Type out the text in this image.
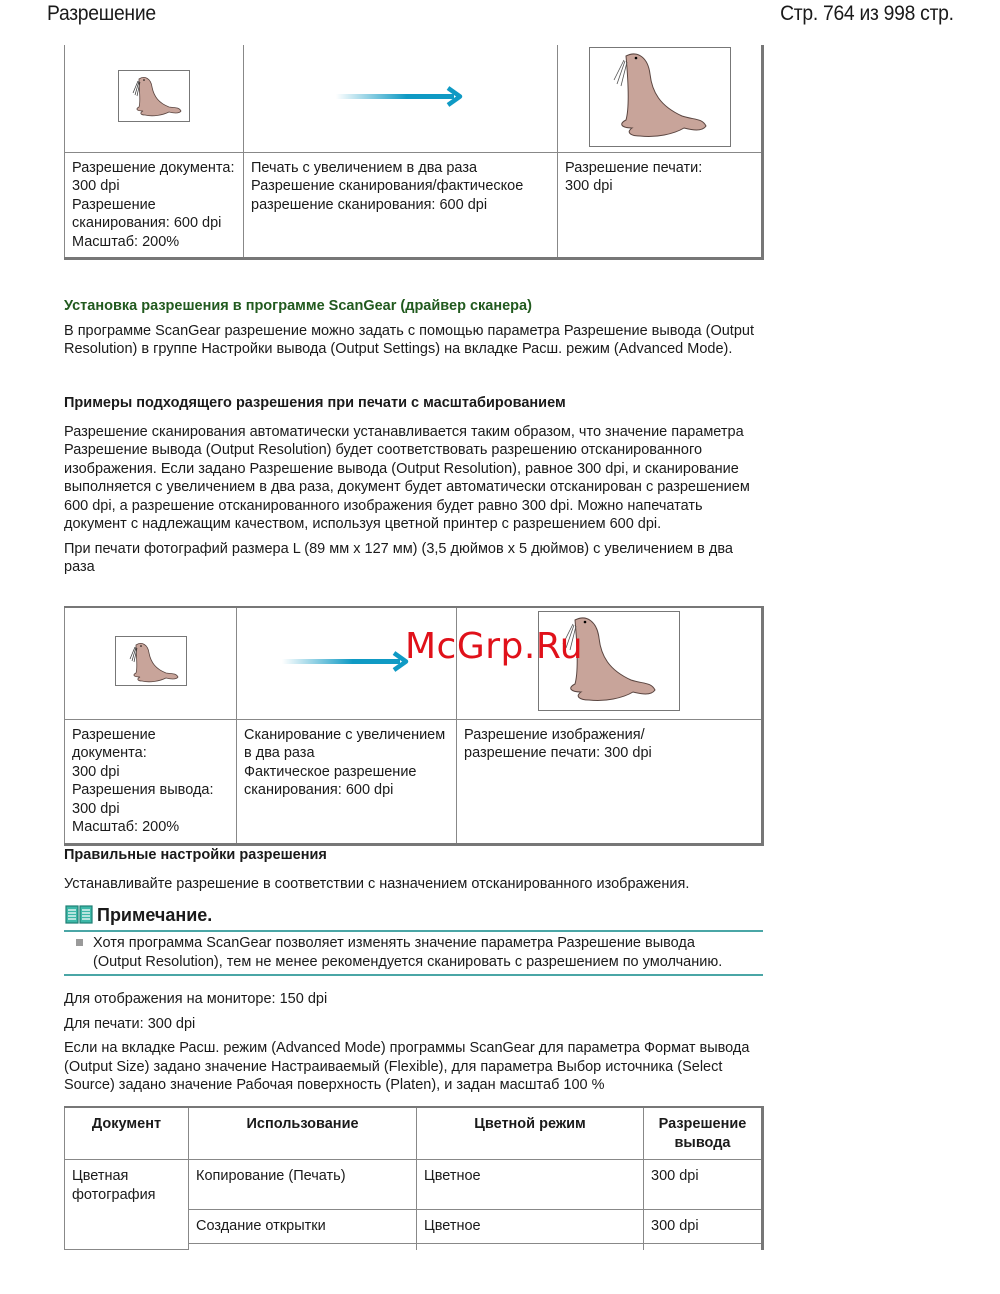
Разрешение	Стр. 764 из 998 стр.

Разрешение документа:
300 dpi
Разрешение
сканирования: 600 dpi
Масштаб: 200%

Печать с увеличением в два раза
Разрешение сканирования/фактическое
разрешение сканирования: 600 dpi

Разрешение печати:
300 dpi

Установка разрешения в программе ScanGear (драйвер сканера)

В программе ScanGear разрешение можно задать с помощью параметра Разрешение вывода (Output Resolution) в группе Настройки вывода (Output Settings) на вкладке Расш. режим (Advanced Mode).

Примеры подходящего разрешения при печати с масштабированием

Разрешение сканирования автоматически устанавливается таким образом, что значение параметра Разрешение вывода (Output Resolution) будет соответствовать разрешению отсканированного изображения. Если задано Разрешение вывода (Output Resolution), равное 300 dpi, и сканирование выполняется с увеличением в два раза, документ будет автоматически отсканирован с разрешением 600 dpi, а разрешение отсканированного изображения будет равно 300 dpi. Можно напечатать документ с надлежащим качеством, используя цветной принтер с разрешением 600 dpi.

При печати фотографий размера L (89 мм x 127 мм) (3,5 дюймов x 5 дюймов) с увеличением в два раза

Разрешение документа:
300 dpi
Разрешения вывода:
300 dpi
Масштаб: 200%

Сканирование с увеличением
в два раза
Фактическое разрешение
сканирования: 600 dpi

Разрешение изображения/
разрешение печати: 300 dpi
McGrp.Ru

Правильные настройки разрешения

Устанавливайте разрешение в соответствии с назначением отсканированного изображения.

Примечание.
Хотя программа ScanGear позволяет изменять значение параметра Разрешение вывода
(Output Resolution), тем не менее рекомендуется сканировать с разрешением по умолчанию.

Для отображения на мониторе: 150 dpi

Для печати: 300 dpi

Если на вкладке Расш. режим (Advanced Mode) программы ScanGear для параметра Формат вывода (Output Size) задано значение Настраиваемый (Flexible), для параметра Выбор источника (Select Source) задано значение Рабочая поверхность (Platen), и задан масштаб 100 %

Документ	Использование	Цветной режим	Разрешение вывода
Цветная фотография	Копирование (Печать)	Цветное	300 dpi
	Создание открытки	Цветное	300 dpi
